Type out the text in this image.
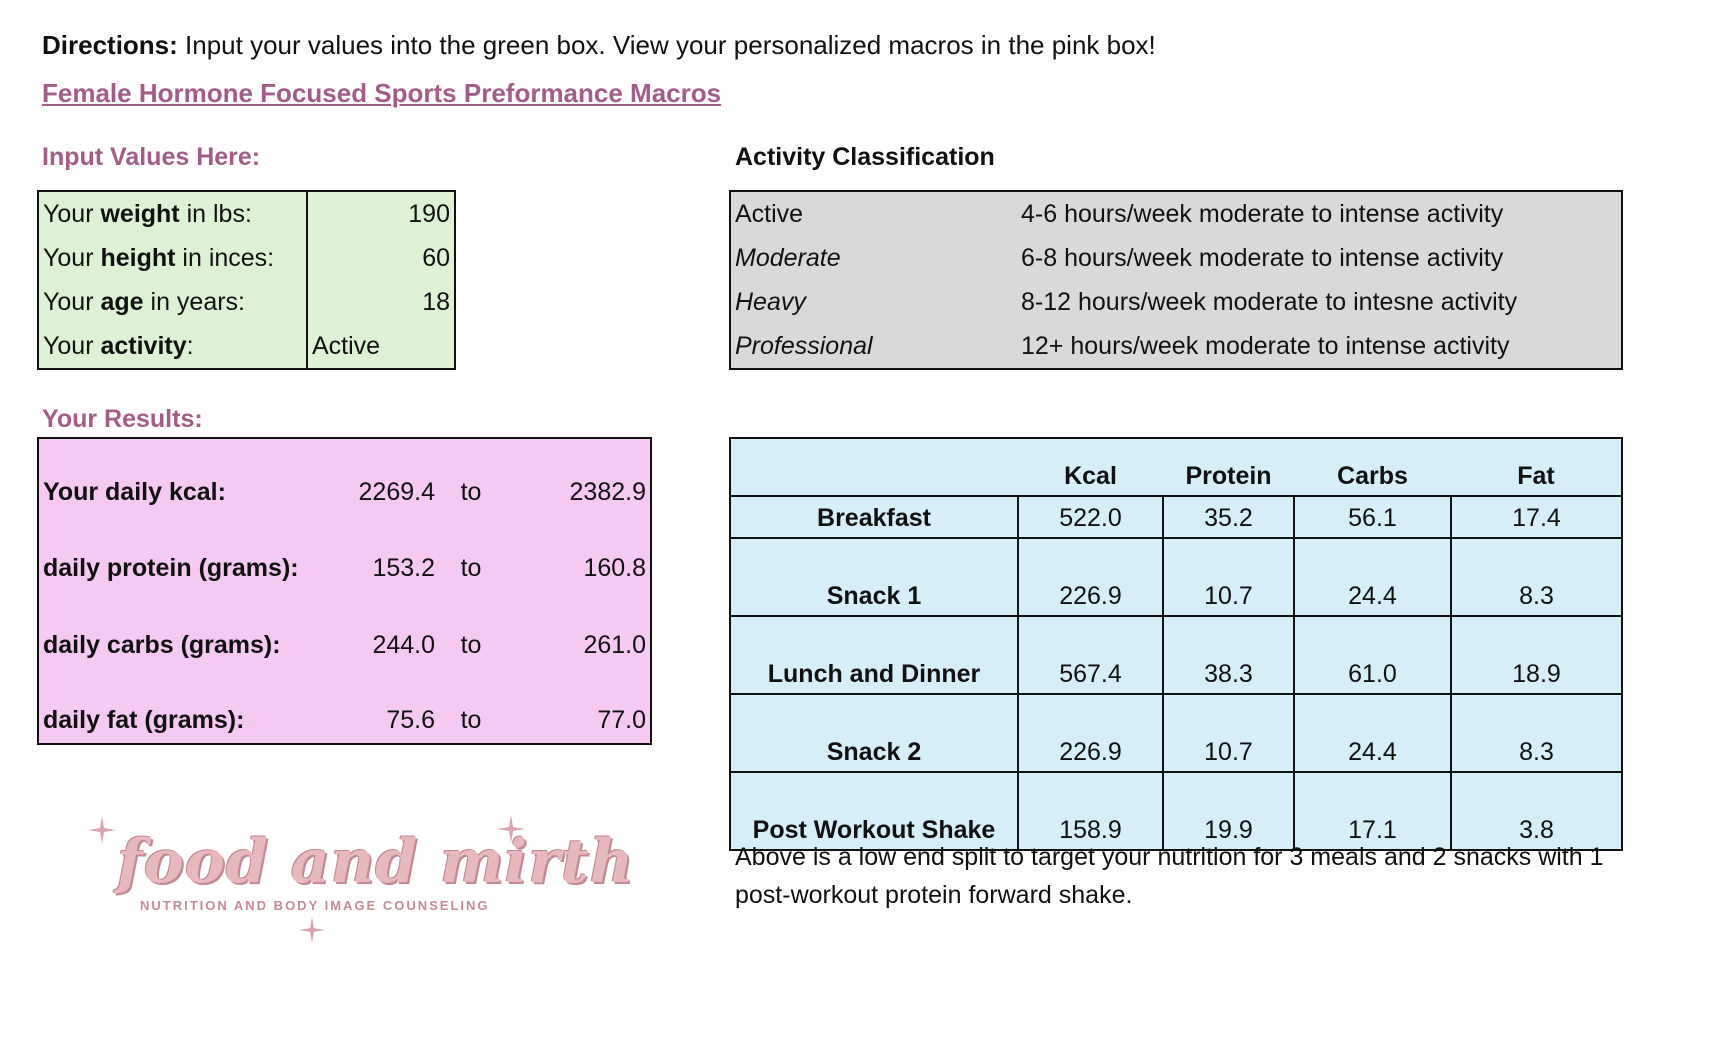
Directions: Input your values into the green box. View your personalized macros in the pink box!
Female Hormone Focused Sports Preformance Macros
Input Values Here:
Your weight in lbs:	190
Your height in inces:	60
Your age in years:	18
Your activity:	Active
Activity Classification
Active	4-6 hours/week moderate to intense activity
Moderate	6-8 hours/week moderate to intense activity
Heavy	8-12 hours/week moderate to intesne activity
Professional	12+ hours/week moderate to intense activity
Your Results:
Your daily kcal:	2269.4	to	2382.9
daily protein (grams):	153.2	to	160.8
daily carbs (grams):	244.0	to	261.0
daily fat (grams):	75.6	to	77.0
	Kcal	Protein	Carbs	Fat
Breakfast	522.0	35.2	56.1	17.4
Snack 1	226.9	10.7	24.4	8.3
Lunch and Dinner	567.4	38.3	61.0	18.9
Snack 2	226.9	10.7	24.4	8.3
Post Workout Shake	158.9	19.9	17.1	3.8
Above is a low end split to target your nutrition for 3 meals and 2 snacks with 1 post-workout protein forward shake.
food and mirth
NUTRITION AND BODY IMAGE COUNSELING
